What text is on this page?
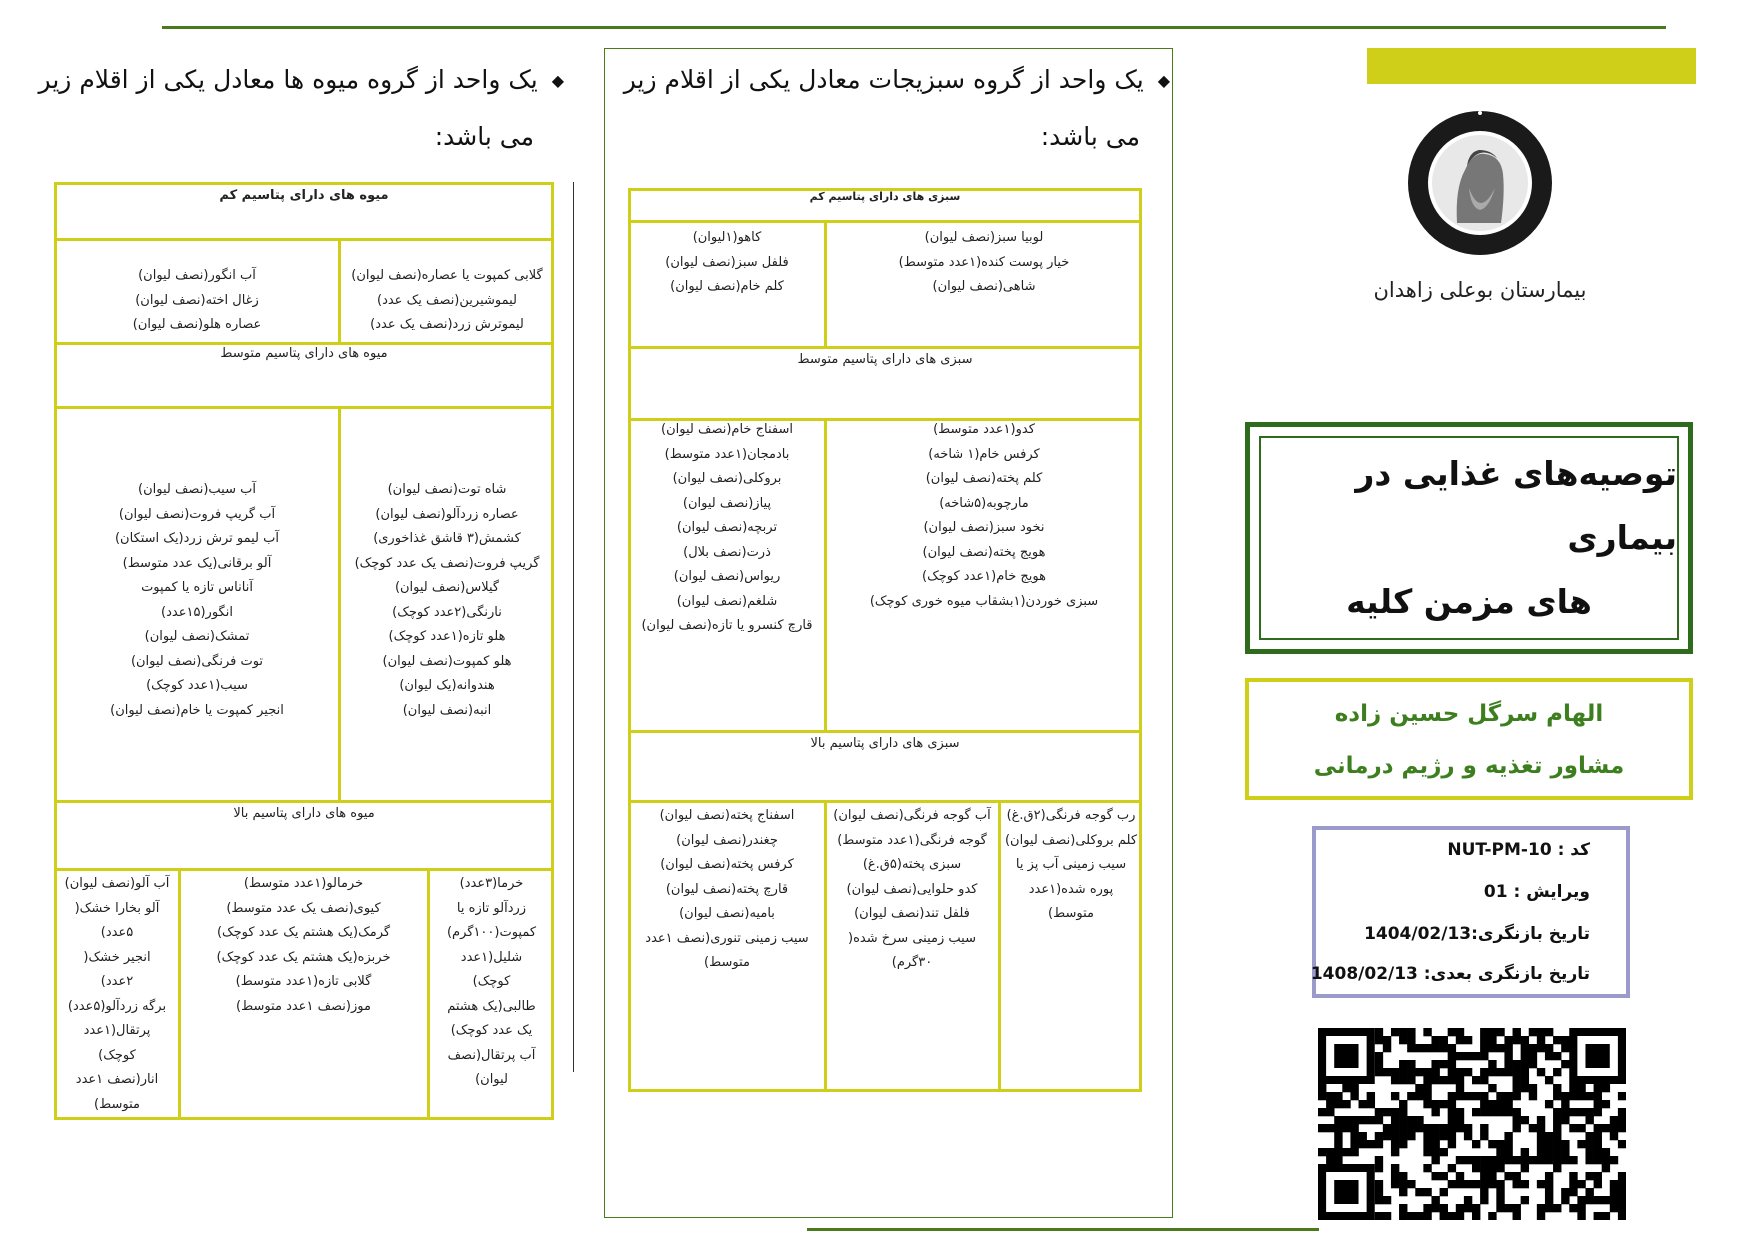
بیمارستان بوعلی زاهدان
توصیه‌های غذایی در بیماری
های مزمن کلیه
الهام سرگل حسین زاده
مشاور تغذیه و رژیم درمانی
کد : NUT-PM-10
ویرایش : 01
تاریخ بازنگری:1404/02/13
تاریخ بازنگری بعدی: 1408/02/13
◆یک واحد از گروه سبزیجات معادل یکی از اقلام زیر
می باشد:
سبزی های دارای پتاسیم کم
لوبیا سبز(نصف لیوان)
خیار پوست کنده(۱عدد متوسط)
شاهی(نصف لیوان)
کاهو(۱لیوان)
فلفل سبز(نصف لیوان)
کلم خام(نصف لیوان)
سبزی های دارای پتاسیم متوسط
کدو(۱عدد متوسط)
کرفس خام(۱ شاخه)
کلم پخته(نصف لیوان)
مارچوبه(۵شاخه)
نخود سبز(نصف لیوان)
هویج پخته(نصف لیوان)
هویج خام(۱عدد کوچک)
سبزی خوردن(۱بشقاب میوه خوری کوچک)
اسفناج خام(نصف لیوان)
بادمجان(۱عدد متوسط)
بروکلی(نصف لیوان)
پیاز(نصف لیوان)
تربچه(نصف لیوان)
ذرت(نصف بلال)
ریواس(نصف لیوان)
شلغم(نصف لیوان)
قارچ کنسرو یا تازه(نصف لیوان)
سبزی های دارای پتاسیم بالا
رب گوجه فرنگی(۲ق.غ)
کلم بروکلی(نصف لیوان)
سیب زمینی آب پز یا
پوره شده(۱عدد
متوسط)
آب گوجه فرنگی(نصف لیوان)
گوجه فرنگی(۱عدد متوسط)
سبزی پخته(۵ق.غ)
کدو حلوایی(نصف لیوان)
فلفل تند(نصف لیوان)
سیب زمینی سرخ شده(
۳۰گرم)
اسفناج پخته(نصف لیوان)
چغندر(نصف لیوان)
کرفس پخته(نصف لیوان)
قارچ پخته(نصف لیوان)
بامیه(نصف لیوان)
سیب زمینی تنوری(نصف ۱عدد
متوسط)
◆یک واحد از گروه میوه ها معادل یکی از اقلام زیر
می باشد:
میوه های دارای پتاسیم کم
گلابی کمپوت یا عصاره(نصف لیوان)
لیموشیرین(نصف یک عدد)
لیموترش زرد(نصف یک عدد)
آب انگور(نصف لیوان)
زغال اخته(نصف لیوان)
عصاره هلو(نصف لیوان)
میوه های دارای پتاسیم متوسط
شاه توت(نصف لیوان)
عصاره زردآلو(نصف لیوان)
کشمش(۳ قاشق غذاخوری)
گریپ فروت(نصف یک عدد کوچک)
گیلاس(نصف لیوان)
نارنگی(۲عدد کوچک)
هلو تازه(۱عدد کوچک)
هلو کمپوت(نصف لیوان)
هندوانه(یک لیوان)
انبه(نصف لیوان)
آب سیب(نصف لیوان)
آب گریپ فروت(نصف لیوان)
آب لیمو ترش زرد(یک استکان)
آلو برقانی(یک عدد متوسط)
آناناس تازه یا کمپوت
انگور(۱۵عدد)
تمشک(نصف لیوان)
توت فرنگی(نصف لیوان)
سیب(۱عدد کوچک)
انجیر کمپوت یا خام(نصف لیوان)
میوه های دارای پتاسیم بالا
خرما(۳عدد)
زردآلو تازه یا
کمپوت(۱۰۰گرم)
شلیل(۱عدد
کوچک)
طالبی(یک هشتم
یک عدد کوچک)
آب پرتقال(نصف
لیوان)
خرمالو(۱عدد متوسط)
کیوی(نصف یک عدد متوسط)
گرمک(یک هشتم یک عدد کوچک)
خربزه(یک هشتم یک عدد کوچک)
گلابی تازه(۱عدد متوسط)
موز(نصف ۱عدد متوسط)
آب آلو(نصف لیوان)
آلو بخارا خشک(
۵عدد)
انجیر خشک(
۲عدد)
برگه زردآلو(۵عدد)
پرتقال(۱عدد
کوچک)
انار(نصف ۱عدد
متوسط)
